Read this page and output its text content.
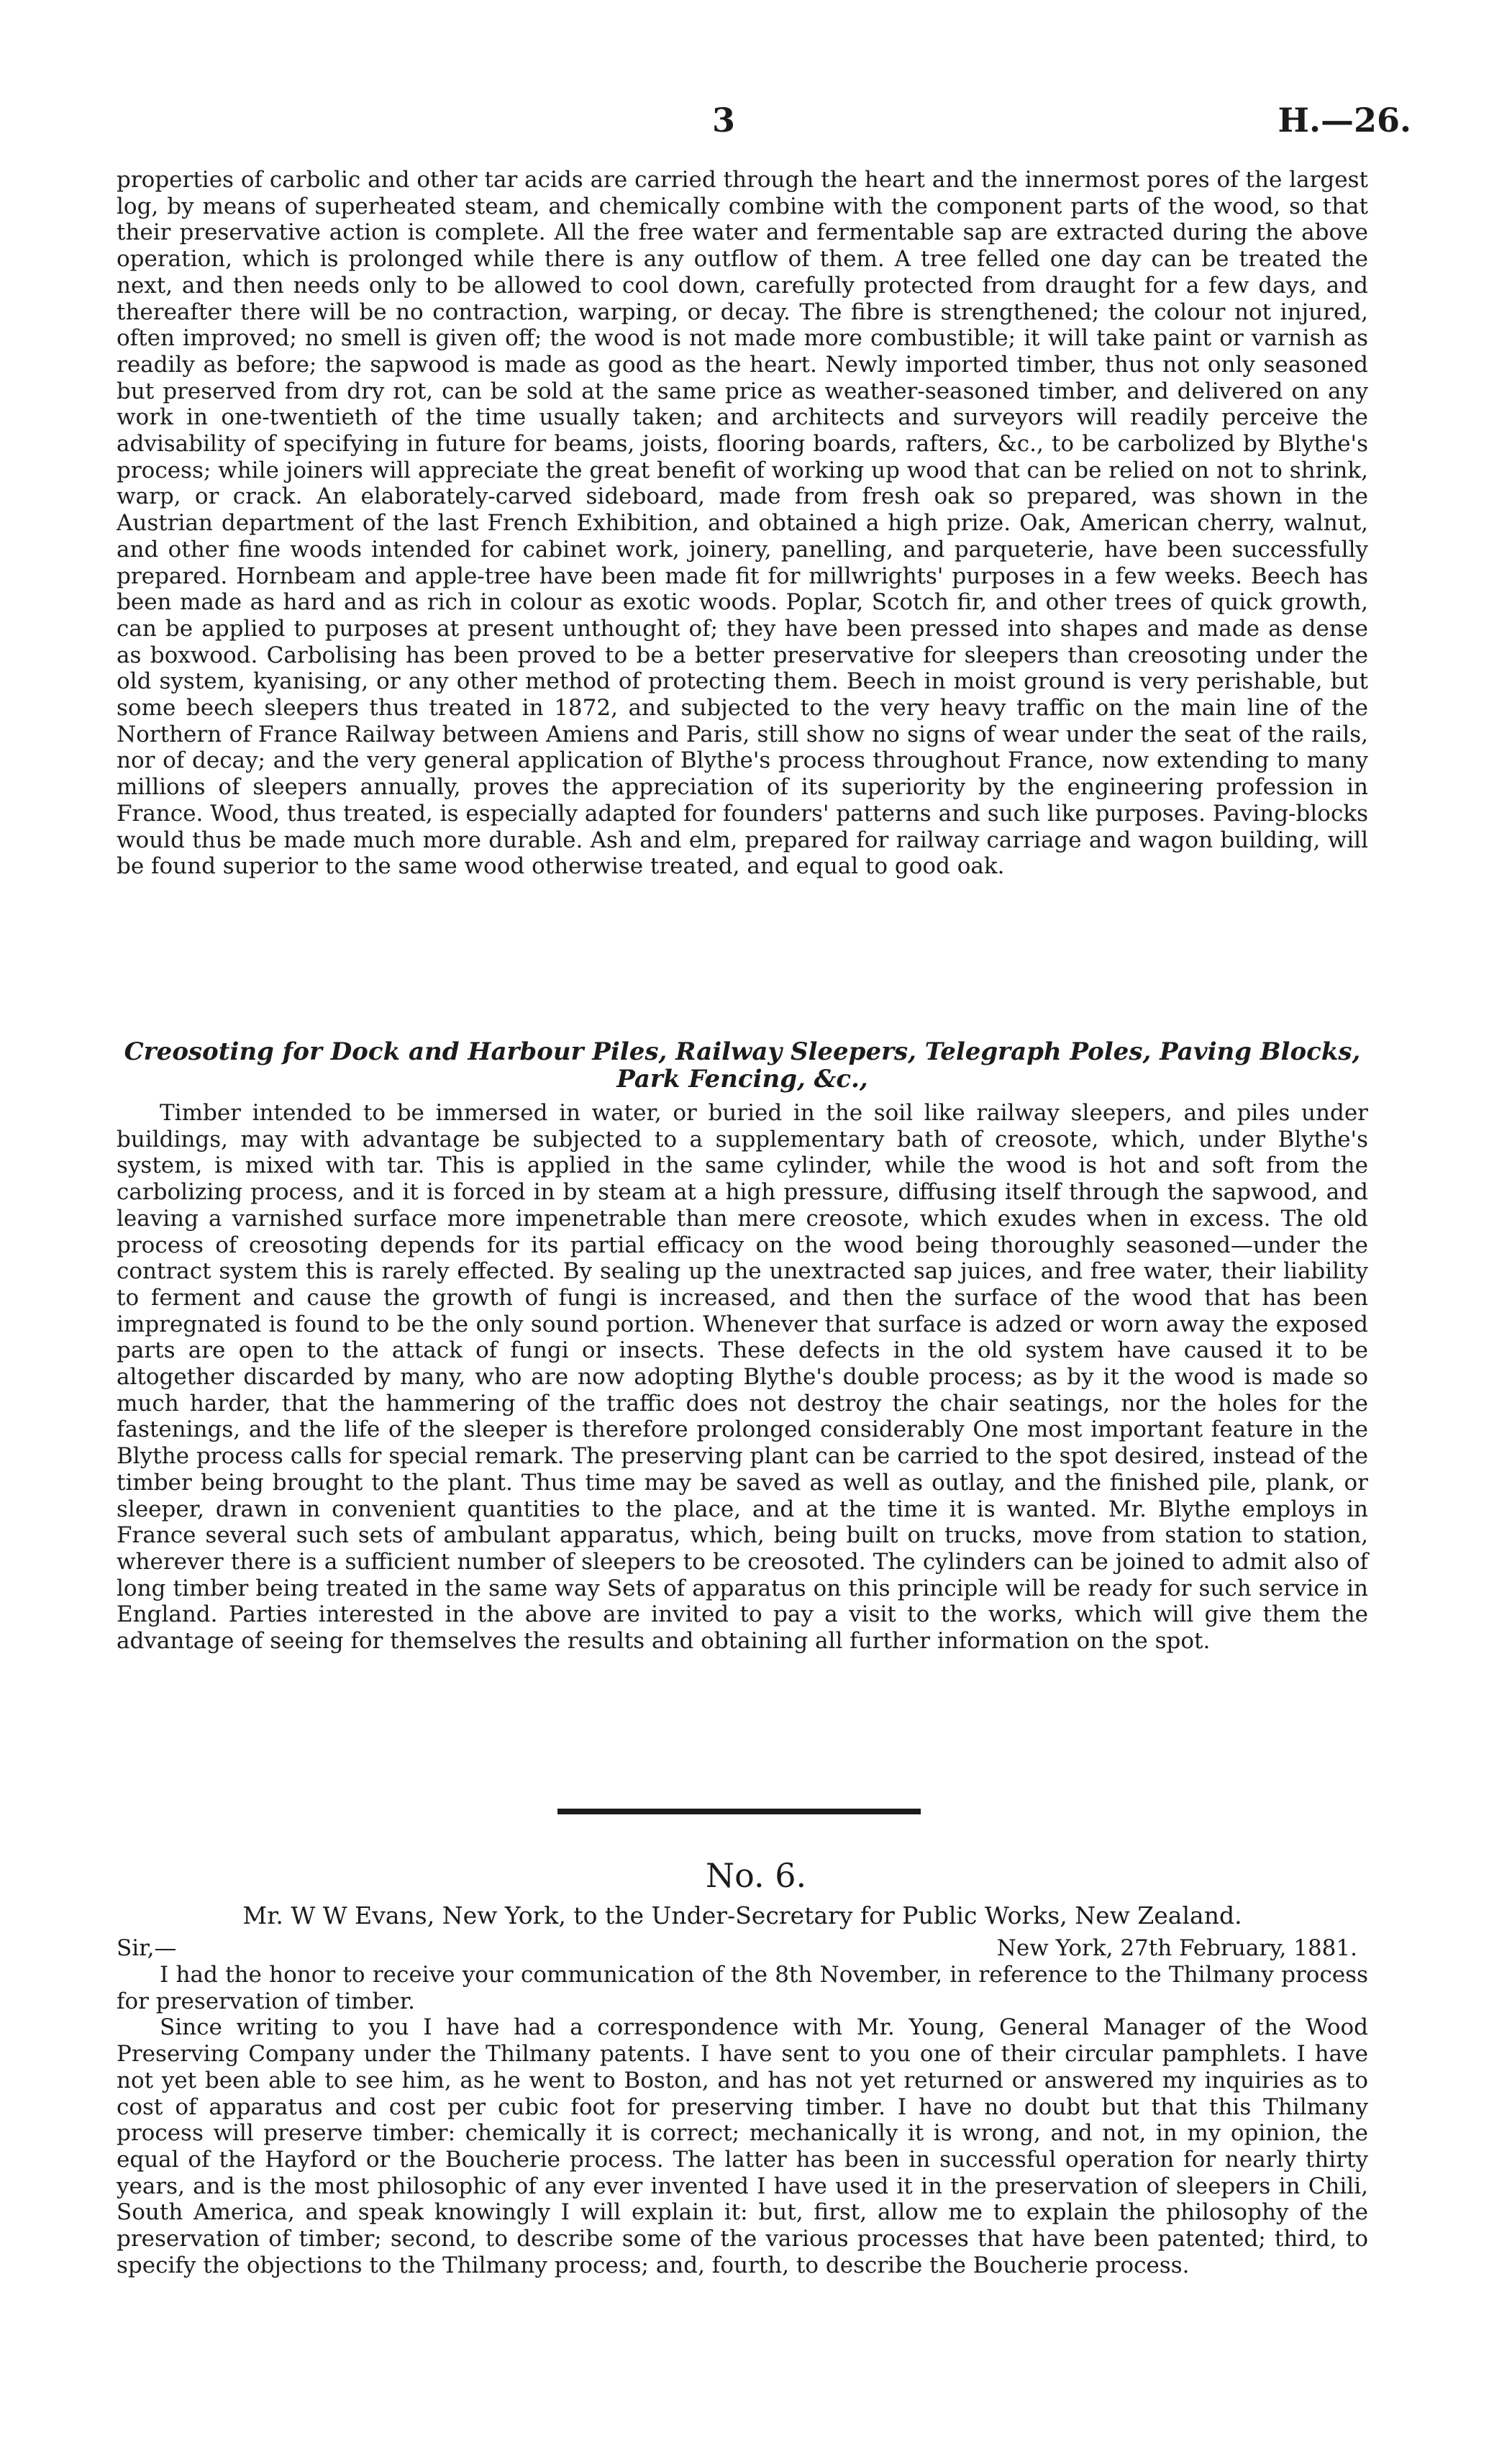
3	H.—26.

properties of carbolic and other tar acids are carried through the heart and the innermost pores of the largest log, by means of superheated steam, and chemically combine with the component parts of the wood, so that their preservative action is complete. All the free water and fermentable sap are extracted during the above operation, which is prolonged while there is any outflow of them. A tree felled one day can be treated the next, and then needs only to be allowed to cool down, carefully protected from draught for a few days, and thereafter there will be no contraction, warping, or decay. The fibre is strengthened; the colour not injured, often improved; no smell is given off; the wood is not made more combustible; it will take paint or varnish as readily as before; the sapwood is made as good as the heart. Newly imported timber, thus not only seasoned but preserved from dry rot, can be sold at the same price as weather-seasoned timber, and delivered on any work in one-twentieth of the time usually taken; and architects and surveyors will readily perceive the advisability of specifying in future for beams, joists, flooring boards, rafters, &c., to be carbolized by Blythe's process; while joiners will appreciate the great benefit of working up wood that can be relied on not to shrink, warp, or crack. An elaborately-carved sideboard, made from fresh oak so prepared, was shown in the Austrian department of the last French Exhibition, and obtained a high prize. Oak, American cherry, walnut, and other fine woods intended for cabinet work, joinery, panelling, and parqueterie, have been successfully prepared. Hornbeam and apple-tree have been made fit for millwrights' purposes in a few weeks. Beech has been made as hard and as rich in colour as exotic woods. Poplar, Scotch fir, and other trees of quick growth, can be applied to purposes at present unthought of; they have been pressed into shapes and made as dense as boxwood. Carbolising has been proved to be a better preservative for sleepers than creosoting under the old system, kyanising, or any other method of protecting them. Beech in moist ground is very perishable, but some beech sleepers thus treated in 1872, and subjected to the very heavy traffic on the main line of the Northern of France Railway between Amiens and Paris, still show no signs of wear under the seat of the rails, nor of decay; and the very general application of Blythe's process throughout France, now extending to many millions of sleepers annually, proves the appreciation of its superiority by the engineering profession in France. Wood, thus treated, is especially adapted for founders' patterns and such like purposes. Paving-blocks would thus be made much more durable. Ash and elm, prepared for railway carriage and wagon building, will be found superior to the same wood otherwise treated, and equal to good oak.

Creosoting for Dock and Harbour Piles, Railway Sleepers, Telegraph Poles, Paving Blocks,
Park Fencing, &c.,

Timber intended to be immersed in water, or buried in the soil like railway sleepers, and piles under buildings, may with advantage be subjected to a supplementary bath of creosote, which, under Blythe's system, is mixed with tar. This is applied in the same cylinder, while the wood is hot and soft from the carbolizing process, and it is forced in by steam at a high pressure, diffusing itself through the sapwood, and leaving a varnished surface more impenetrable than mere creosote, which exudes when in excess. The old process of creosoting depends for its partial efficacy on the wood being thoroughly seasoned—under the contract system this is rarely effected. By sealing up the unextracted sap juices, and free water, their liability to ferment and cause the growth of fungi is increased, and then the surface of the wood that has been impregnated is found to be the only sound portion. Whenever that surface is adzed or worn away the exposed parts are open to the attack of fungi or insects. These defects in the old system have caused it to be altogether discarded by many, who are now adopting Blythe's double process; as by it the wood is made so much harder, that the hammering of the traffic does not destroy the chair seatings, nor the holes for the fastenings, and the life of the sleeper is therefore prolonged considerably One most important feature in the Blythe process calls for special remark. The preserving plant can be carried to the spot desired, instead of the timber being brought to the plant. Thus time may be saved as well as outlay, and the finished pile, plank, or sleeper, drawn in convenient quantities to the place, and at the time it is wanted. Mr. Blythe employs in France several such sets of ambulant apparatus, which, being built on trucks, move from station to station, wherever there is a sufficient number of sleepers to be creosoted. The cylinders can be joined to admit also of long timber being treated in the same way Sets of apparatus on this principle will be ready for such service in England. Parties interested in the above are invited to pay a visit to the works, which will give them the advantage of seeing for themselves the results and obtaining all further information on the spot.

No. 6.
Mr. W W Evans, New York, to the Under-Secretary for Public Works, New Zealand.
Sir,—	New York, 27th February, 1881.

I had the honor to receive your communication of the 8th November, in reference to the Thilmany process for preservation of timber.

Since writing to you I have had a correspondence with Mr. Young, General Manager of the Wood Preserving Company under the Thilmany patents. I have sent to you one of their circular pamphlets. I have not yet been able to see him, as he went to Boston, and has not yet returned or answered my inquiries as to cost of apparatus and cost per cubic foot for preserving timber. I have no doubt but that this Thilmany process will preserve timber: chemically it is correct; mechanically it is wrong, and not, in my opinion, the equal of the Hayford or the Boucherie process. The latter has been in successful operation for nearly thirty years, and is the most philosophic of any ever invented I have used it in the preservation of sleepers in Chili, South America, and speak knowingly I will explain it: but, first, allow me to explain the philosophy of the preservation of timber; second, to describe some of the various processes that have been patented; third, to specify the objections to the Thilmany process; and, fourth, to describe the Boucherie process.
